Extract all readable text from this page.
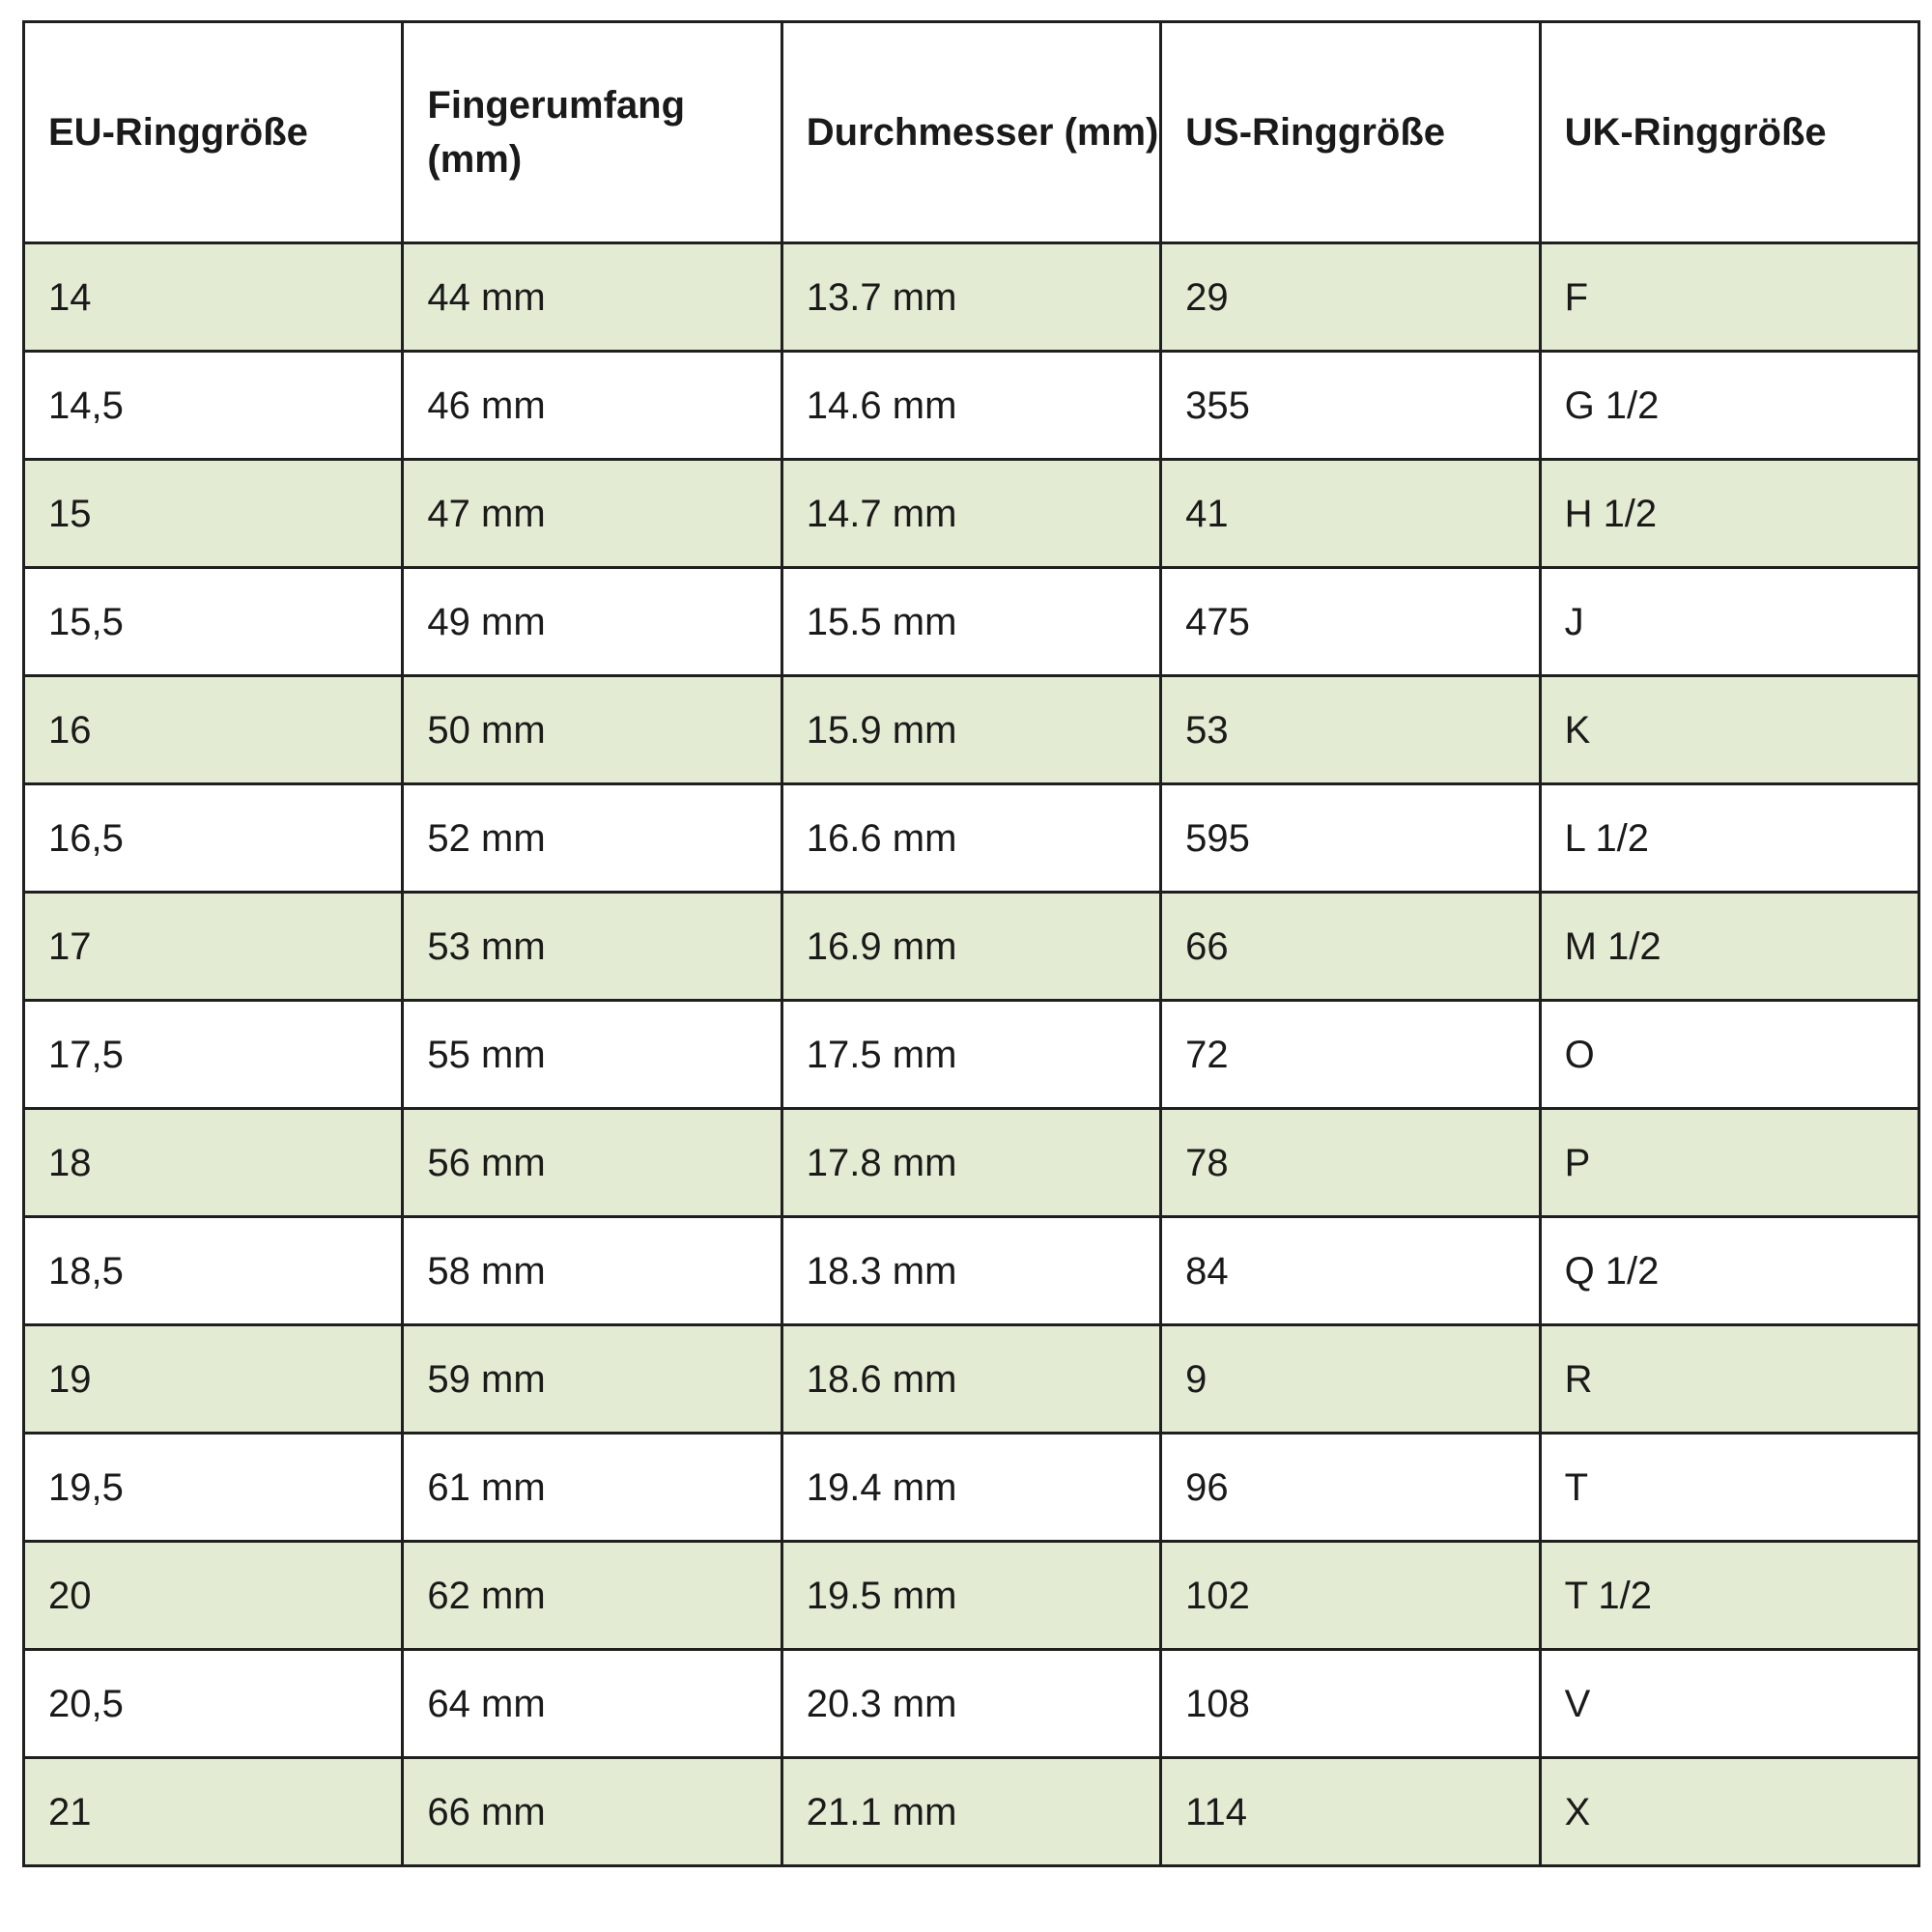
EU-Ringgröße	Fingerumfang (mm)	Durchmesser (mm)	US-Ringgröße	UK-Ringgröße
14	44 mm	13.7 mm	29	F
14,5	46 mm	14.6 mm	355	G 1/2
15	47 mm	14.7 mm	41	H 1/2
15,5	49 mm	15.5 mm	475	J
16	50 mm	15.9 mm	53	K
16,5	52 mm	16.6 mm	595	L 1/2
17	53 mm	16.9 mm	66	M 1/2
17,5	55 mm	17.5 mm	72	O
18	56 mm	17.8 mm	78	P
18,5	58 mm	18.3 mm	84	Q 1/2
19	59 mm	18.6 mm	9	R
19,5	61 mm	19.4 mm	96	T
20	62 mm	19.5 mm	102	T 1/2
20,5	64 mm	20.3 mm	108	V
21	66 mm	21.1 mm	114	X
